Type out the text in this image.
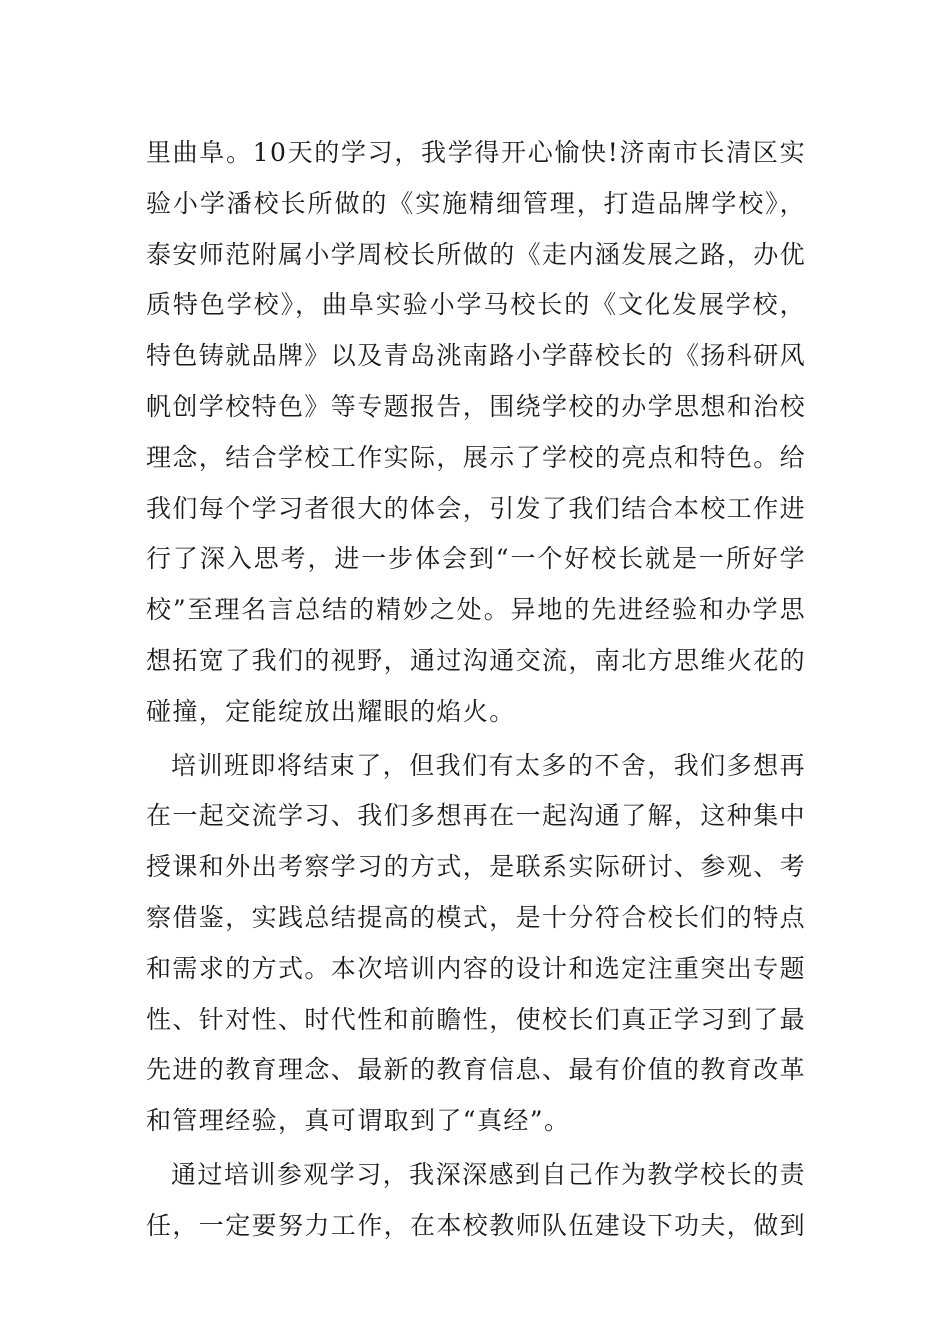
里曲阜。10天的学习，我学得开心愉快!济南市长清区实验小学潘校长所做的《实施精细管理，打造品牌学校》，泰安师范附属小学周校长所做的《走内涵发展之路，办优质特色学校》，曲阜实验小学马校长的《文化发展学校，特色铸就品牌》以及青岛洮南路小学薛校长的《扬科研风帆创学校特色》等专题报告，围绕学校的办学思想和治校理念，结合学校工作实际，展示了学校的亮点和特色。给我们每个学习者很大的体会，引发了我们结合本校工作进行了深入思考，进一步体会到“一个好校长就是一所好学校”至理名言总结的精妙之处。异地的先进经验和办学思想拓宽了我们的视野，通过沟通交流，南北方思维火花的碰撞，定能绽放出耀眼的焰火。

培训班即将结束了，但我们有太多的不舍，我们多想再在一起交流学习、我们多想再在一起沟通了解，这种集中授课和外出考察学习的方式，是联系实际研讨、参观、考察借鉴，实践总结提高的模式，是十分符合校长们的特点和需求的方式。本次培训内容的设计和选定注重突出专题性、针对性、时代性和前瞻性，使校长们真正学习到了最先进的教育理念、最新的教育信息、最有价值的教育改革和管理经验，真可谓取到了“真经”。

通过培训参观学习，我深深感到自己作为教学校长的责任，一定要努力工作，在本校教师队伍建设下功夫，做到
